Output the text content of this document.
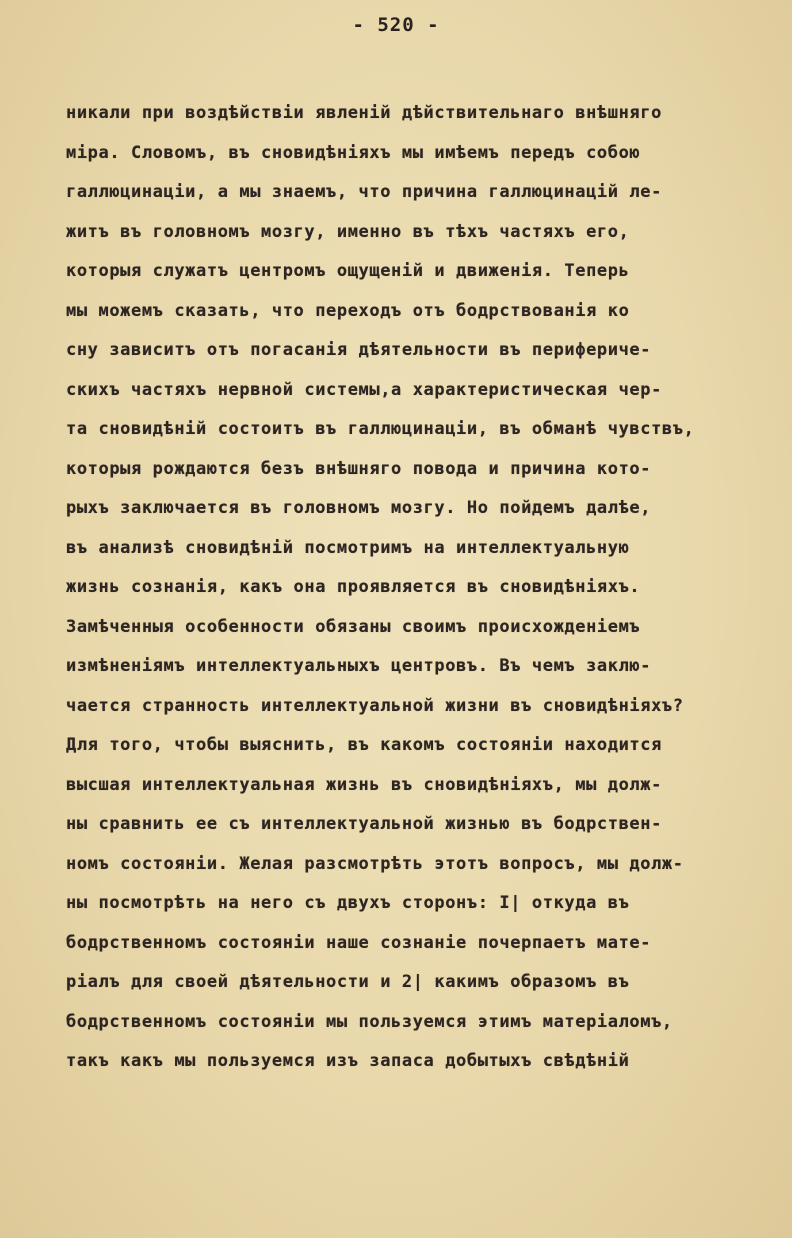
- 520 -
никали при воздѣйствіи явленій дѣйствительнаго внѣшняго
міра. Словомъ, въ сновидѣніяхъ мы имѣемъ передъ собою
галлюцинаціи, а мы знаемъ, что причина галлюцинацій ле-
житъ въ головномъ мозгу, именно въ тѣхъ частяхъ его,
которыя служатъ центромъ ощущеній и движенія. Теперь
мы можемъ сказать, что переходъ отъ бодрствованія ко
сну зависитъ отъ погасанія дѣятельности въ перифериче-
скихъ частяхъ нервной системы,а характеристическая чер-
та сновидѣній состоитъ въ галлюцинаціи, въ обманѣ чувствъ,
которыя рождаются безъ внѣшняго повода и причина кото-
рыхъ заключается въ головномъ мозгу. Но пойдемъ далѣе,
въ анализѣ сновидѣній посмотримъ на интеллектуальную
жизнь сознанія, какъ она проявляется въ сновидѣніяхъ.
Замѣченныя особенности обязаны своимъ происхожденіемъ
измѣненіямъ интеллектуальныхъ центровъ. Въ чемъ заклю-
чается странность интеллектуальной жизни въ сновидѣніяхъ?
Для того, чтобы выяснить, въ какомъ состояніи находится
высшая интеллектуальная жизнь въ сновидѣніяхъ, мы долж-
ны сравнить ее съ интеллектуальной жизнью въ бодрствен-
номъ состояніи. Желая разсмотрѣть этотъ вопросъ, мы долж-
ны посмотрѣть на него съ двухъ сторонъ: I| откуда въ
бодрственномъ состояніи наше сознаніе почерпаетъ мате-
ріалъ для своей дѣятельности и 2| какимъ образомъ въ
бодрственномъ состояніи мы пользуемся этимъ матеріаломъ,
такъ какъ мы пользуемся изъ запаса добытыхъ свѣдѣній
